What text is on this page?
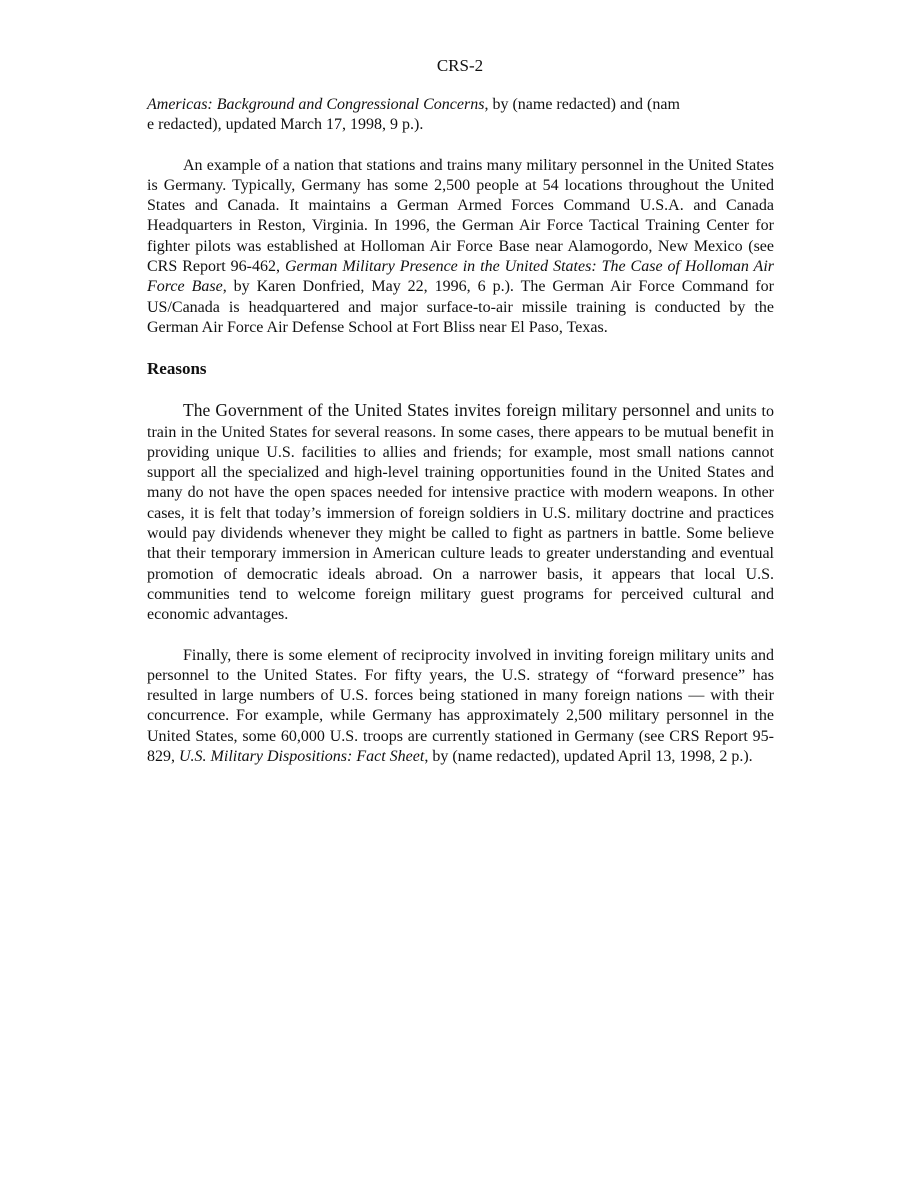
CRS-2

Americas: Background and Congressional Concerns, by (name redacted) and (nam
e redacted), updated March 17, 1998, 9 p.).

An example of a nation that stations and trains many military personnel in the United States is Germany. Typically, Germany has some 2,500 people at 54 locations throughout the United States and Canada. It maintains a German Armed Forces Command U.S.A. and Canada Headquarters in Reston, Virginia. In 1996, the German Air Force Tactical Training Center for fighter pilots was established at Holloman Air Force Base near Alamogordo, New Mexico (see CRS Report 96-462, German Military Presence in the United States: The Case of Holloman Air Force Base, by Karen Donfried, May 22, 1996, 6 p.). The German Air Force Command for US/Canada is headquartered and major surface-to-air missile training is conducted by the German Air Force Air Defense School at Fort Bliss near El Paso, Texas.

Reasons

The Government of the United States invites foreign military personnel and units to train in the United States for several reasons. In some cases, there appears to be mutual benefit in providing unique U.S. facilities to allies and friends; for example, most small nations cannot support all the specialized and high-level training opportunities found in the United States and many do not have the open spaces needed for intensive practice with modern weapons. In other cases, it is felt that today’s immersion of foreign soldiers in U.S. military doctrine and practices would pay dividends whenever they might be called to fight as partners in battle. Some believe that their temporary immersion in American culture leads to greater understanding and eventual promotion of democratic ideals abroad. On a narrower basis, it appears that local U.S. communities tend to welcome foreign military guest programs for perceived cultural and economic advantages.

Finally, there is some element of reciprocity involved in inviting foreign military units and personnel to the United States. For fifty years, the U.S. strategy of “forward presence” has resulted in large numbers of U.S. forces being stationed in many foreign nations — with their concurrence. For example, while Germany has approximately 2,500 military personnel in the United States, some 60,000 U.S. troops are currently stationed in Germany (see CRS Report 95-829, U.S. Military Dispositions: Fact Sheet, by (name redacted), updated April 13, 1998, 2 p.).
